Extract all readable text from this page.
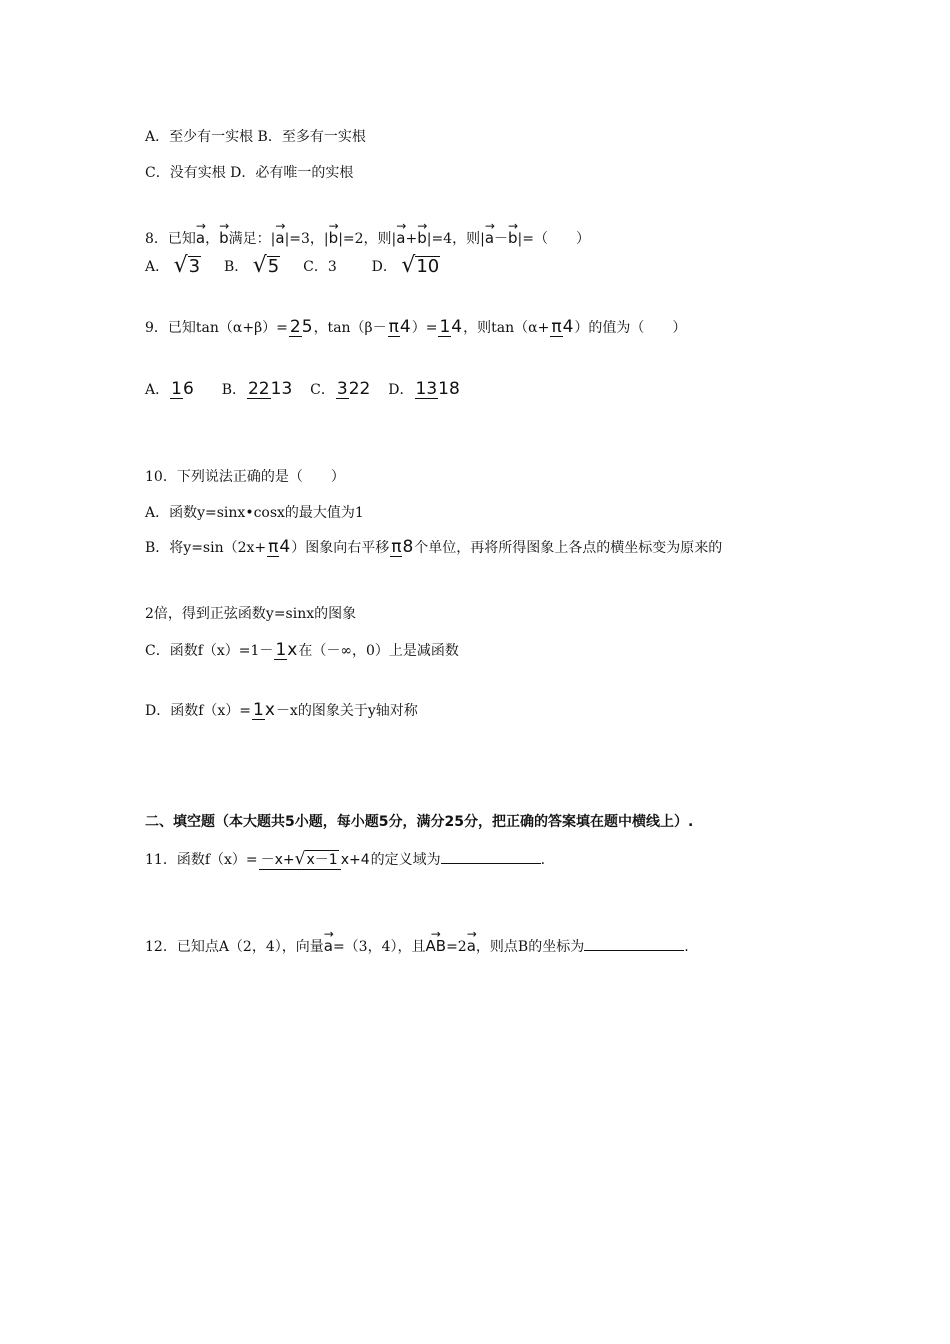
A．至少有一实根 B．至多有一实根
C．没有实根 D．必有唯一的实根
8．已知→ a，→ b满足：|→ a|=3，|→ b|=2，则|→ a+→ b|=4，则|→ a－→ b|=（　　）
A． √3 B． √5 C．3 D． √10
9．已知tan（α+β）= 25，tan（β－ π4）= 14，则tan（α+ π4）的值为（　　）
A． 16 B． 2213 C． 322 D． 1318
10．下列说法正确的是（　　）
A．函数y=sinx•cosx的最大值为1
B．将y=sin（2x+ π4）图象向右平移 π8个单位，再将所得图象上各点的横坐标变为原来的
2倍，得到正弦函数y=sinx的图象
C．函数f（x）=1－ 1x在（－∞，0）上是减函数
D．函数f（x）= 1x－x的图象关于y轴对称
二、填空题（本大题共5小题，每小题5分，满分25分，把正确的答案填在题中横线上）.
11．函数f（x）= －x+√x－1 x+4的定义域为	.
12．已知点A（2，4），向量→ a=（3，4），且→ AB=2→ a，则点B的坐标为	.
